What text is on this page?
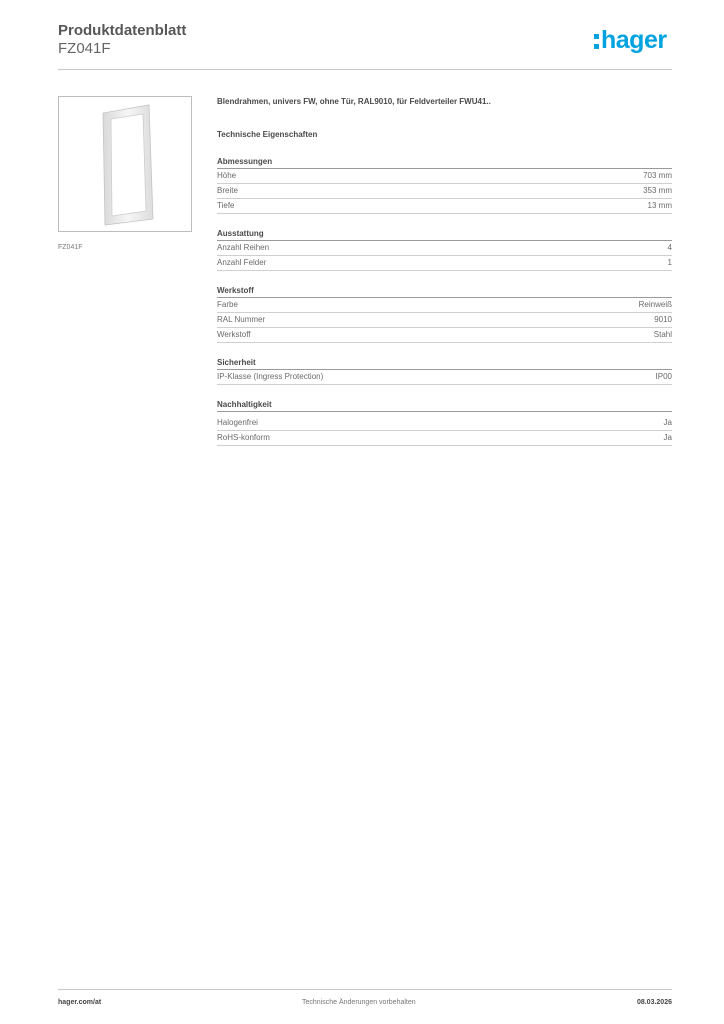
Produktdatenblatt
FZ041F	hager
FZ041F
Blendrahmen, univers FW, ohne Tür, RAL9010, für Feldverteiler FWU41..
Technische Eigenschaften
Abmessungen
Höhe	703 mm
Breite	353 mm
Tiefe	13 mm
Ausstattung
Anzahl Reihen	4
Anzahl Felder	1
Werkstoff
Farbe	Reinweiß
RAL Nummer	9010
Werkstoff	Stahl
Sicherheit
IP-Klasse (Ingress Protection)	IP00
Nachhaltigkeit
Halogenfrei	Ja
RoHS-konform	Ja
hager.com/at	Technische Änderungen vorbehalten	08.03.2026
